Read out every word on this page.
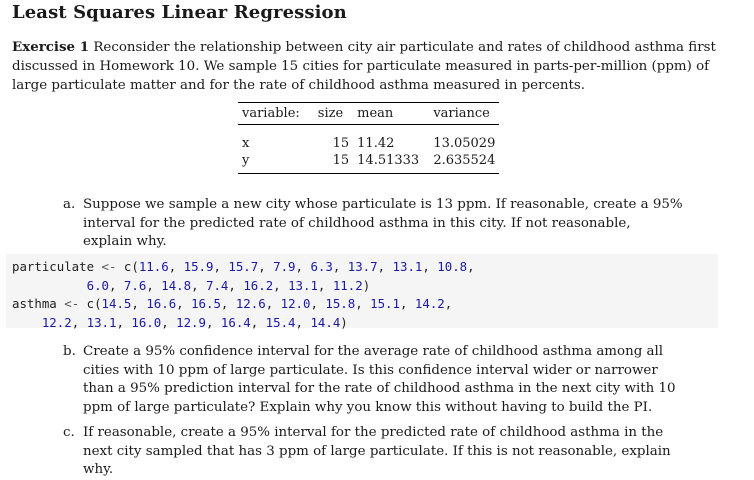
Least Squares Linear Regression
Exercise 1 Reconsider the relationship between city air particulate and rates of childhood asthma first discussed in Homework 10. We sample 15 cities for particulate measured in parts-per-million (ppm) of large particulate matter and for the rate of childhood asthma measured in percents.
variable:	size	mean	variance
x	15	11.42	13.05029
y	15	14.51333	2.635524
a. Suppose we sample a new city whose particulate is 13 ppm. If reasonable, create a 95% interval for the predicted rate of childhood asthma in this city. If not reasonable, explain why.
particulate <- c(11.6, 15.9, 15.7, 7.9, 6.3, 13.7, 13.1, 10.8,
6.0, 7.6, 14.8, 7.4, 16.2, 13.1, 11.2)
asthma <- c(14.5, 16.6, 16.5, 12.6, 12.0, 15.8, 15.1, 14.2,
12.2, 13.1, 16.0, 12.9, 16.4, 15.4, 14.4)
b. Create a 95% confidence interval for the average rate of childhood asthma among all cities with 10 ppm of large particulate. Is this confidence interval wider or narrower than a 95% prediction interval for the rate of childhood asthma in the next city with 10 ppm of large particulate? Explain why you know this without having to build the PI.
c. If reasonable, create a 95% interval for the predicted rate of childhood asthma in the next city sampled that has 3 ppm of large particulate. If this is not reasonable, explain why.
